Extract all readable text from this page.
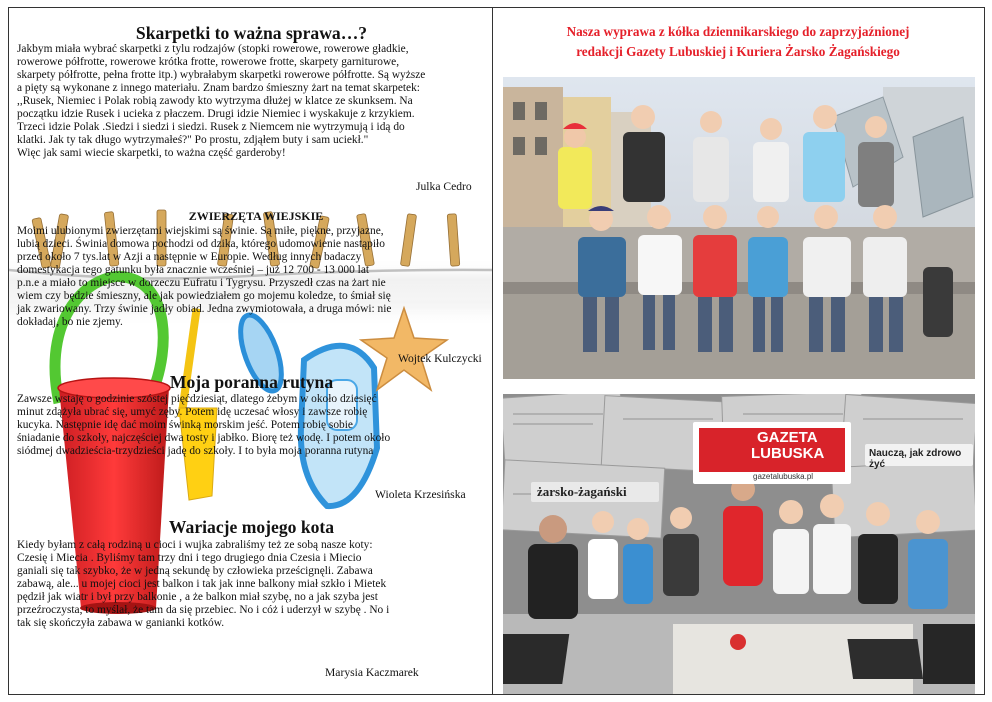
Skarpetki to ważna sprawa…?
Jakbym miała wybrać skarpetki z tylu rodzajów (stopki rowerowe, rowerowe gładkie,
rowerowe półfrotte, rowerowe krótka frotte, rowerowe frotte, skarpety garniturowe,
skarpety półfrotte, pełna frotte itp.) wybrałabym skarpetki rowerowe półfrotte. Są wyższe
a pięty są wykonane z innego materiału. Znam bardzo śmieszny żart na temat skarpetek:
,,Rusek, Niemiec i Polak robią zawody kto wytrzyma dłużej w klatce ze skunksem. Na
początku idzie Rusek i ucieka z płaczem. Drugi idzie Niemiec i wyskakuje z krzykiem.
Trzeci idzie Polak .Siedzi i siedzi i siedzi. Rusek z Niemcem nie wytrzymują i idą do
klatki. Jak ty tak długo wytrzymałeś?" Po prostu, zdjąłem buty i sam uciekł."
Więc jak sami wiecie skarpetki, to ważna część garderoby!
Julka Cedro
ZWIERZĘTA WIEJSKIE
Moimi ulubionymi zwierzętami wiejskimi są świnie. Są miłe, piękne, przyjazne,
lubią dzieci. Świnia domowa pochodzi od dzika, którego udomowienie nastąpiło
przed około 7 tys.lat w Azji a następnie w Europie. Według innych badaczy
domestykacja tego gatunku była znacznie wcześniej – już 12 700 - 13 000 lat
p.n.e a miało to miejsce w dorzeczu Eufratu i Tygrysu. Przyszedł czas na żart nie
wiem czy będzie śmieszny, ale jak powiedziałem go mojemu koledze, to śmiał się
jak zwariowany. Trzy świnie jadły obiad. Jedna zwymiotowała, a druga mówi: nie
dokładaj, bo nie zjemy.
Wojtek Kulczycki
Moja poranna rutyna
Zawsze wstaję o godzinie szóstej pięćdziesiąt, dlatego żebym w około dziesięć
minut zdążyła ubrać się, umyć zęby. Potem idę uczesać włosy i zawsze robię
kucyka. Następnie idę dać moim świnką morskim jeść. Potem robię sobie
śniadanie do szkoły, najczęściej dwa tosty i jabłko. Biorę też wodę. I potem około
siódmej dwadzieścia-trzydzieści jadę do szkoły. I to była moja poranna rutyna
Wioleta Krzesińska
Wariacje mojego kota
Kiedy byłam z całą rodziną u cioci i wujka zabraliśmy też ze sobą nasze koty:
Czesię i Miecia . Byliśmy tam trzy dni i tego drugiego dnia Czesia i Miecio
ganiali się tak szybko, że w jedną sekundę by człowieka prześcignęli. Zabawa
zabawą, ale... u mojej cioci jest balkon i tak jak inne balkony miał szkło i Mietek
pędził jak wiatr i był przy balkonie , a że balkon miał szybę, no a jak szyba jest
przeźroczysta, to myślał, że tam da się przebiec. No i cóż i uderzył w szybę . No i
tak się skończyła zabawa w ganianki kotków.
Marysia Kaczmarek
Nasza wyprawa z kółka dziennikarskiego do zaprzyjaźnionej
redakcji Gazety Lubuskiej i Kuriera Żarsko Żagańskiego
GAZETA
LUBUSKA
gazetalubuska.pl
żarsko-żagański
Nauczą, jak zdrowo żyć
